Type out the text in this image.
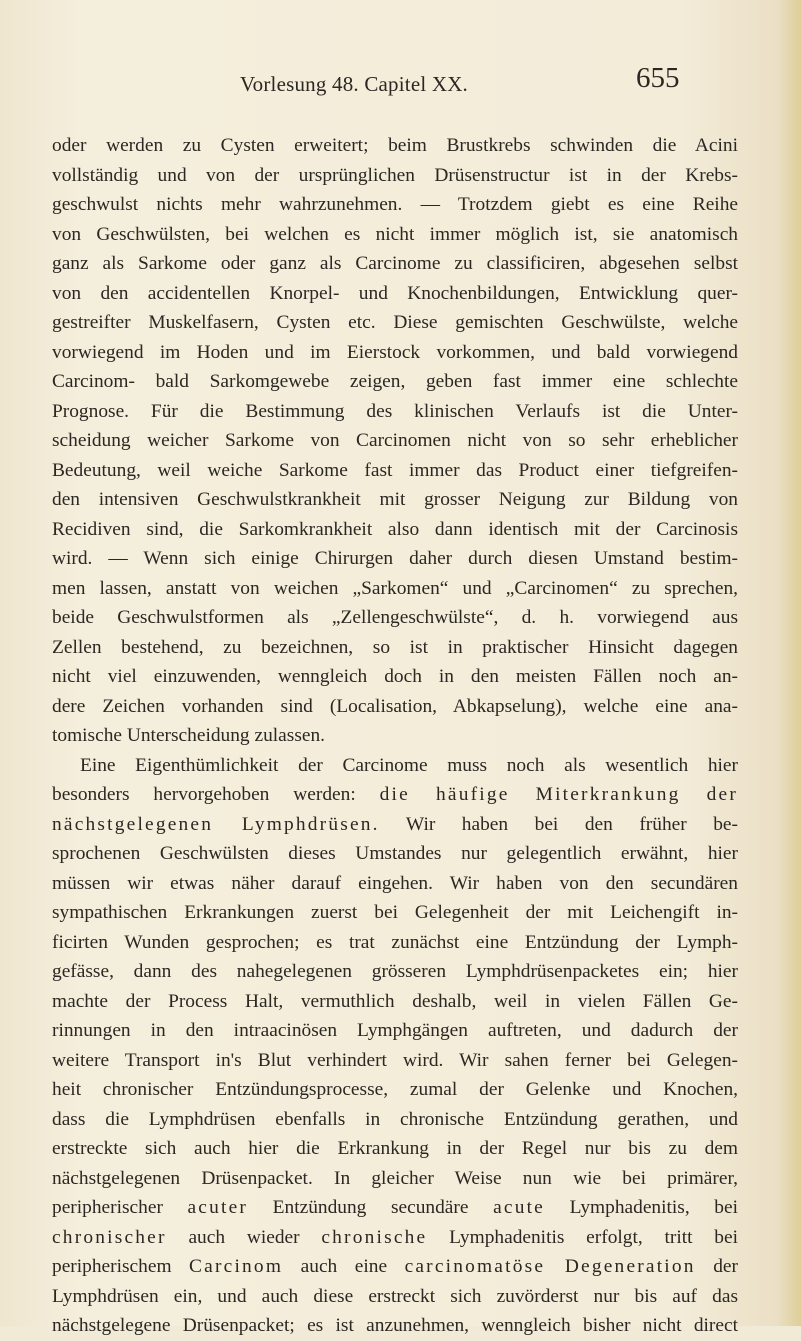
Vorlesung 48. Capitel XX.	655
oder werden zu Cysten erweitert; beim Brustkrebs schwinden die Acini
vollständig und von der ursprünglichen Drüsenstructur ist in der Krebs-
geschwulst nichts mehr wahrzunehmen. — Trotzdem giebt es eine Reihe
von Geschwülsten, bei welchen es nicht immer möglich ist, sie anatomisch
ganz als Sarkome oder ganz als Carcinome zu classificiren, abgesehen selbst
von den accidentellen Knorpel- und Knochenbildungen, Entwicklung quer-
gestreifter Muskelfasern, Cysten etc. Diese gemischten Geschwülste, welche
vorwiegend im Hoden und im Eierstock vorkommen, und bald vorwiegend
Carcinom- bald Sarkomgewebe zeigen, geben fast immer eine schlechte
Prognose. Für die Bestimmung des klinischen Verlaufs ist die Unter-
scheidung weicher Sarkome von Carcinomen nicht von so sehr erheblicher
Bedeutung, weil weiche Sarkome fast immer das Product einer tiefgreifen-
den intensiven Geschwulstkrankheit mit grosser Neigung zur Bildung von
Recidiven sind, die Sarkomkrankheit also dann identisch mit der Carcinosis
wird. — Wenn sich einige Chirurgen daher durch diesen Umstand bestim-
men lassen, anstatt von weichen „Sarkomen“ und „Carcinomen“ zu sprechen,
beide Geschwulstformen als „Zellengeschwülste“, d. h. vorwiegend aus
Zellen bestehend, zu bezeichnen, so ist in praktischer Hinsicht dagegen
nicht viel einzuwenden, wenngleich doch in den meisten Fällen noch an-
dere Zeichen vorhanden sind (Localisation, Abkapselung), welche eine ana-
tomische Unterscheidung zulassen.
Eine Eigenthümlichkeit der Carcinome muss noch als wesentlich hier
besonders hervorgehoben werden: die häufige Miterkrankung der
nächstgelegenen Lymphdrüsen. Wir haben bei den früher be-
sprochenen Geschwülsten dieses Umstandes nur gelegentlich erwähnt, hier
müssen wir etwas näher darauf eingehen. Wir haben von den secundären
sympathischen Erkrankungen zuerst bei Gelegenheit der mit Leichengift in-
ficirten Wunden gesprochen; es trat zunächst eine Entzündung der Lymph-
gefässe, dann des nahegelegenen grösseren Lymphdrüsenpacketes ein; hier
machte der Process Halt, vermuthlich deshalb, weil in vielen Fällen Ge-
rinnungen in den intraacinösen Lymphgängen auftreten, und dadurch der
weitere Transport in's Blut verhindert wird. Wir sahen ferner bei Gelegen-
heit chronischer Entzündungsprocesse, zumal der Gelenke und Knochen,
dass die Lymphdrüsen ebenfalls in chronische Entzündung gerathen, und
erstreckte sich auch hier die Erkrankung in der Regel nur bis zu dem
nächstgelegenen Drüsenpacket. In gleicher Weise nun wie bei primärer,
peripherischer acuter Entzündung secundäre acute Lymphadenitis, bei
chronischer auch wieder chronische Lymphadenitis erfolgt, tritt bei
peripherischem Carcinom auch eine carcinomatöse Degeneration der
Lymphdrüsen ein, und auch diese erstreckt sich zuvörderst nur bis auf das
nächstgelegene Drüsenpacket; es ist anzunehmen, wenngleich bisher nicht direct
